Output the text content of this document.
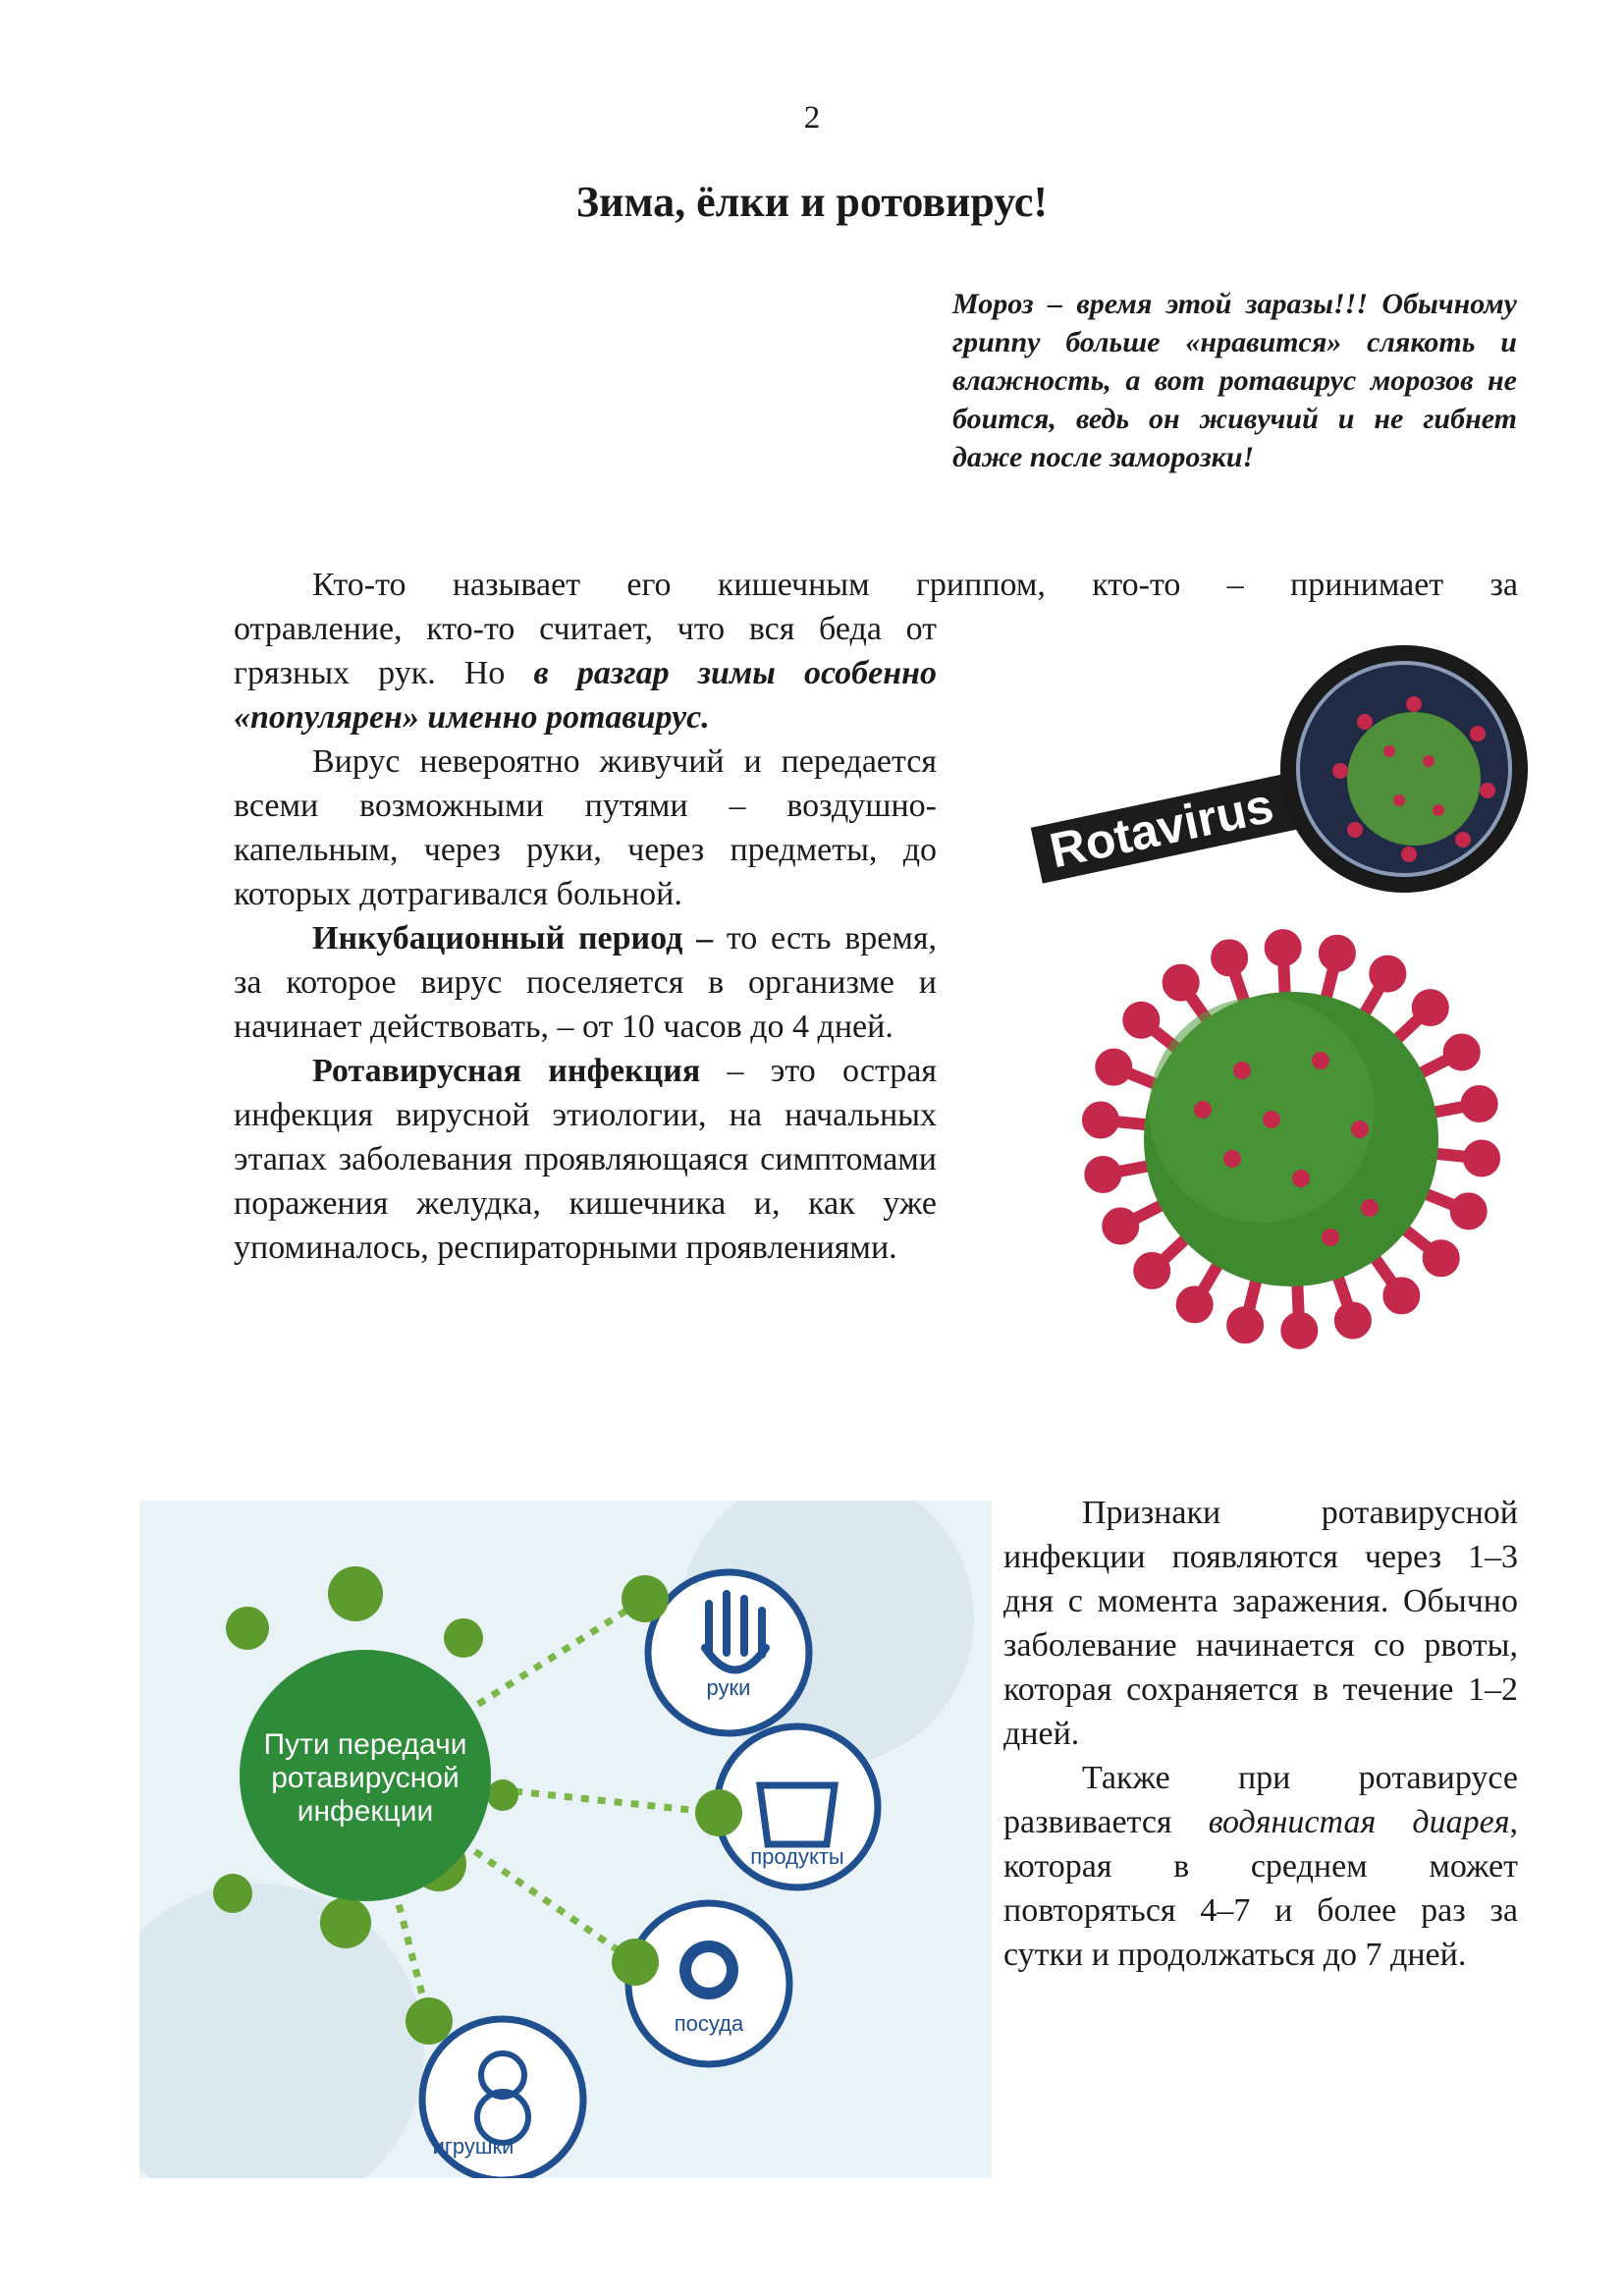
2
Зима, ёлки и ротовирус!
Мороз – время этой заразы!!! Обычному гриппу больше «нравится» слякоть и влажность, а вот ротавирус морозов не боится, ведь он живучий и не гибнет даже после заморозки!

Кто-то называет его кишечным гриппом, кто-то – принимает за

отравление, кто-то считает, что вся беда от грязных рук. Но в разгар зимы особенно «популярен» именно ротавирус.

Вирус невероятно живучий и передается всеми возможными путями – воздушно-капельным, через руки, через предметы, до которых дотрагивался больной.

Инкубационный период – то есть время, за которое вирус поселяется в организме и начинает действовать, – от 10 часов до 4 дней.

Ротавирусная инфекция – это острая инфекция вирусной этиологии, на начальных этапах заболевания проявляющаяся симптомами поражения желудка, кишечника и, как уже упоминалось, респираторными проявлениями.

Rotavirus
руки
продукты
посуда
игрушки
Пути передачи
ротавирусной
инфекции

Признаки ротавирусной инфекции появляются через 1–3 дня с момента заражения. Обычно заболевание начинается со рвоты, которая сохраняется в течение 1–2 дней.

Также при ротавирусе развивается водянистая диарея, которая в среднем может повторяться 4–7 и более раз за сутки и продолжаться до 7 дней.
